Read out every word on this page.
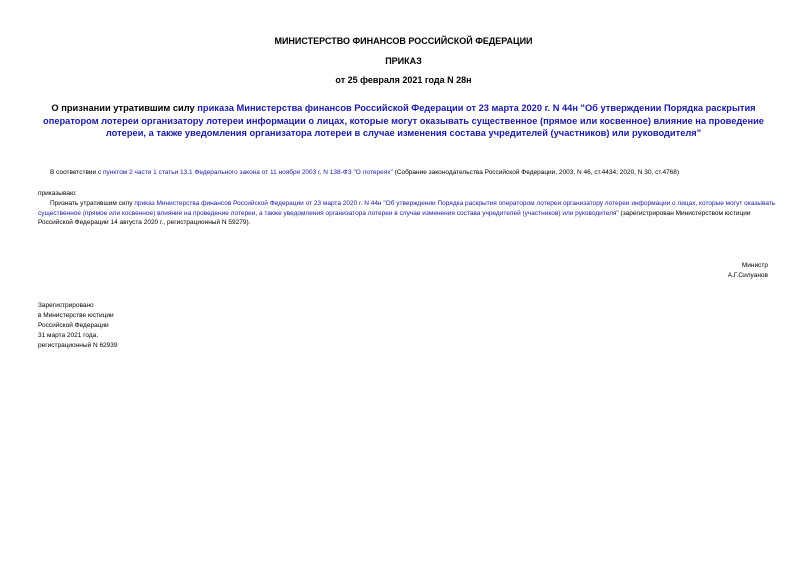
МИНИСТЕРСТВО ФИНАНСОВ РОССИЙСКОЙ ФЕДЕРАЦИИ
ПРИКАЗ
от 25 февраля 2021 года N 28н
О признании утратившим силу приказа Министерства финансов Российской Федерации от 23 марта 2020 г. N 44н "Об утверждении Порядка раскрытия оператором лотереи организатору лотереи информации о лицах, которые могут оказывать существенное (прямое или косвенное) влияние на проведение лотереи, а также уведомления организатора лотереи в случае изменения состава учредителей (участников) или руководителя"
В соответствии с пунктом 2 части 1 статьи 13.1 Федерального закона от 11 ноября 2003 г. N 138-ФЗ "О лотереях" (Собрание законодательства Российской Федерации, 2003, N 46, ст.4434; 2020, N 30, ст.4768)
приказываю:
Признать утратившим силу приказ Министерства финансов Российской Федерации от 23 марта 2020 г. N 44н "Об утверждении Порядка раскрытия оператором лотереи организатору лотереи информации о лицах, которые могут оказывать существенное (прямое или косвенное) влияние на проведение лотереи, а также уведомления организатора лотереи в случае изменения состава учредителей (участников) или руководителя" (зарегистрирован Министерством юстиции Российской Федерации 14 августа 2020 г., регистрационный N 59279).
Министр
А.Г.Силуанов
Зарегистрировано
в Министерстве юстиции
Российской Федерации
31 марта 2021 года,
регистрационный N 62939
